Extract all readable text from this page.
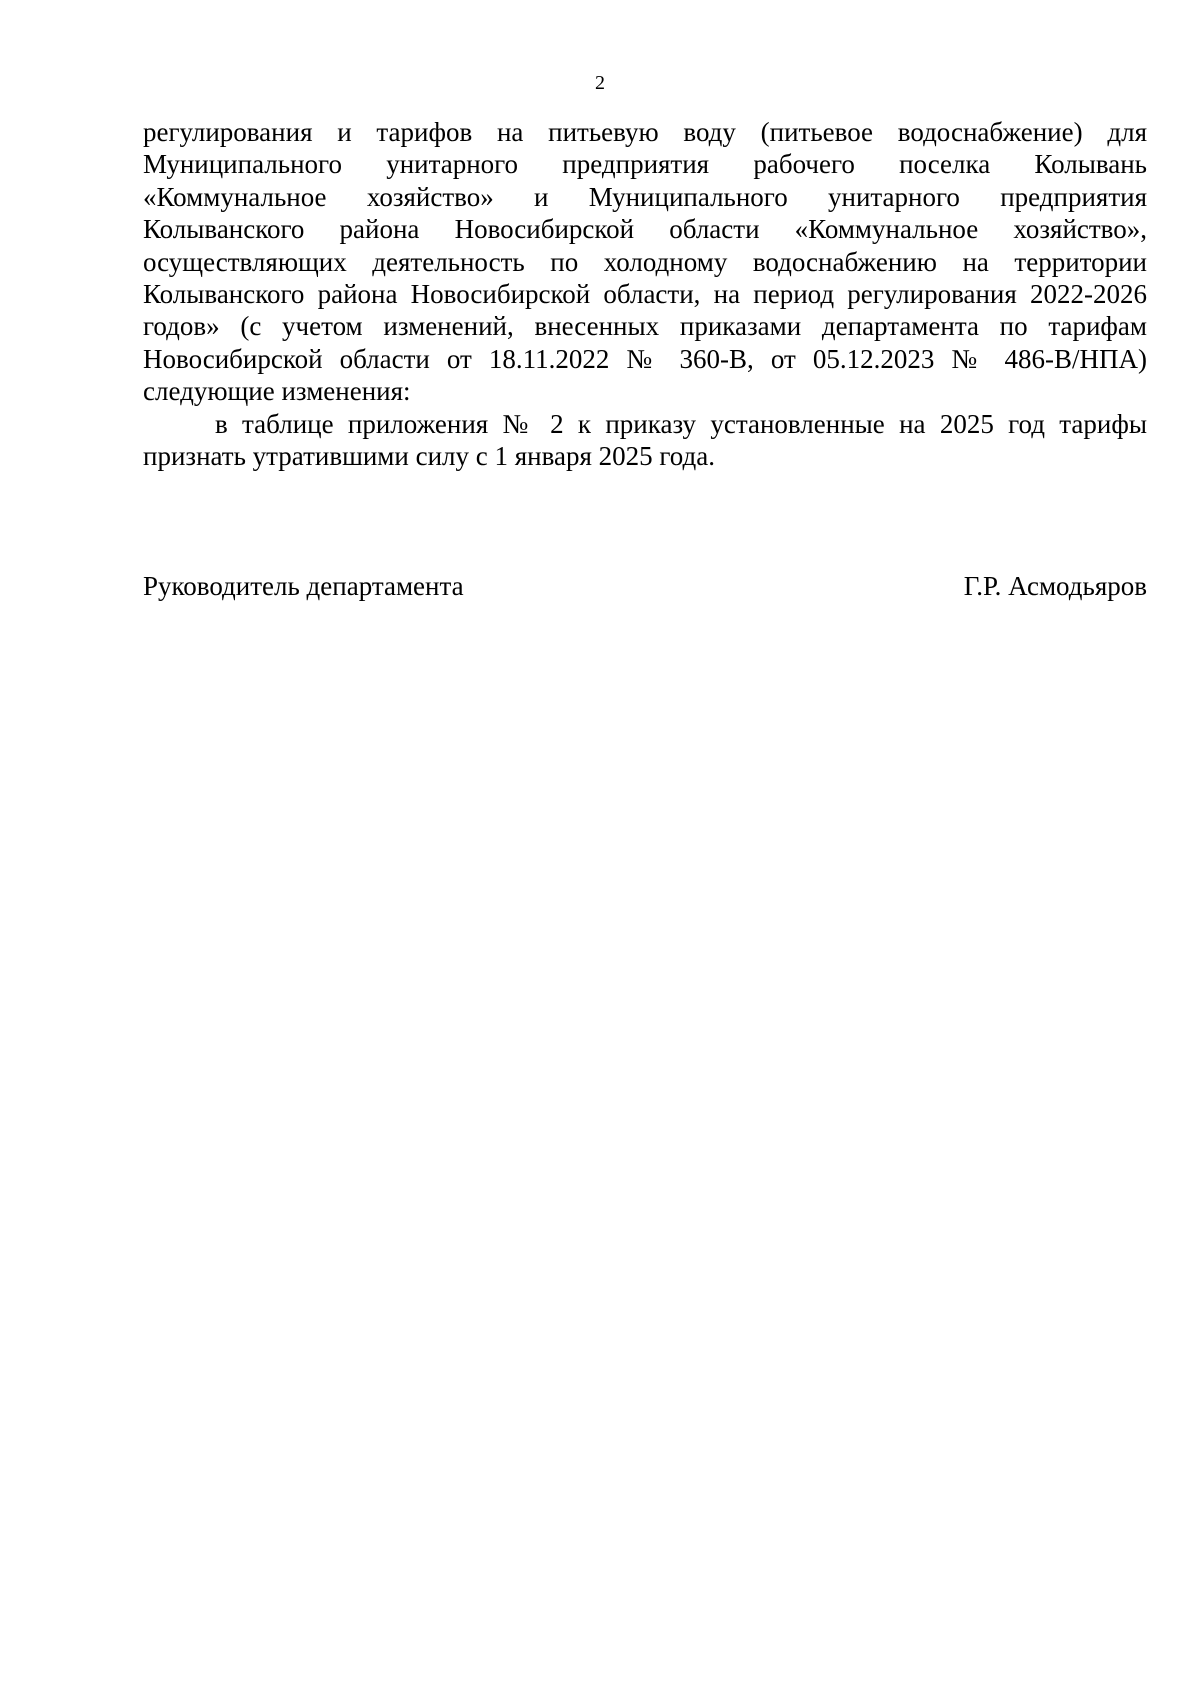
2

регулирования и тарифов на питьевую воду (питьевое водоснабжение) для Муниципального унитарного предприятия рабочего поселка Колывань «Коммунальное хозяйство» и Муниципального унитарного предприятия Колыванского района Новосибирской области «Коммунальное хозяйство», осуществляющих деятельность по холодному водоснабжению на территории Колыванского района Новосибирской области, на период регулирования 2022-2026 годов» (с учетом изменений, внесенных приказами департамента по тарифам Новосибирской области от 18.11.2022 № 360-В, от 05.12.2023 № 486-В/НПА) следующие изменения:

в таблице приложения № 2 к приказу установленные на 2025 год тарифы признать утратившими силу с 1 января 2025 года.

Руководитель департамента	Г.Р. Асмодьяров
